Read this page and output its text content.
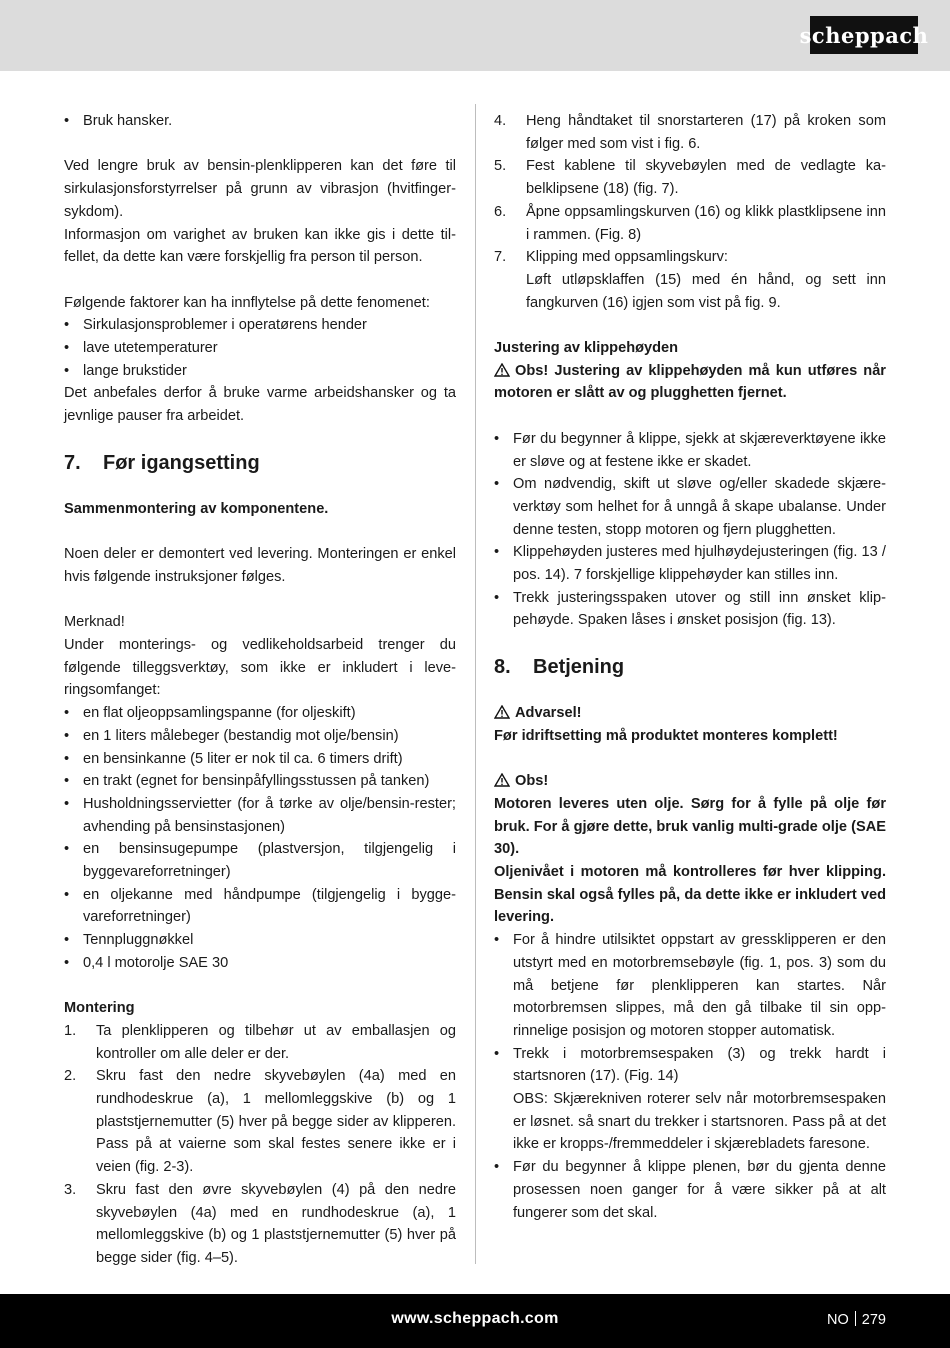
scheppach
• Bruk hansker.

Ved lengre bruk av bensin-plenklipperen kan det føre til sirkulasjonsforstyrrelser på grunn av vibrasjon (hvitfinger-sykdom).

Informasjon om varighet av bruken kan ikke gis i dette tilfellet, da dette kan være forskjellig fra person til person.

Følgende faktorer kan ha innflytelse på dette fenomenet:

• Sirkulasjonsproblemer i operatørens hender
• lave utetemperaturer
• lange brukstider

Det anbefales derfor å bruke varme arbeidshansker og ta jevnlige pauser fra arbeidet.

7. Før igangsetting

Sammenmontering av komponentene.

Noen deler er demontert ved levering. Monteringen er enkel hvis følgende instruksjoner følges.

Merknad!

Under monterings- og vedlikeholdsarbeid trenger du følgende tilleggsverktøy, som ikke er inkludert i leveringsomfanget:

• en flat oljeoppsamlingspanne (for oljeskift)
• en 1 liters målebeger (bestandig mot olje/bensin)
• en bensinkanne (5 liter er nok til ca. 6 timers drift)
• en trakt (egnet for bensinpåfyllingsstussen på tanken)
• Husholdningsservietter (for å tørke av olje/bensin-rester; avhending på bensinstasjonen)
• en bensinsugepumpe (plastversjon, tilgjengelig i byggevareforretninger)
• en oljekanne med håndpumpe (tilgjengelig i byggevareforretninger)
• Tennpluggnøkkel
• 0,4 l motorolje SAE 30

Montering

1. Ta plenklipperen og tilbehør ut av emballasjen og kontroller om alle deler er der.
2. Skru fast den nedre skyvebøylen (4a) med en rundhodeskrue (a), 1 mellomleggskive (b) og 1 plaststjernemutter (5) hver på begge sider av klipperen. Pass på at vaierne som skal festes senere ikke er i veien (fig. 2-3).
3. Skru fast den øvre skyvebøylen (4) på den nedre skyvebøylen (4a) med en rundhodeskrue (a), 1 mellomleggskive (b) og 1 plaststjernemutter (5) hver på begge sider (fig. 4–5).
4. Heng håndtaket til snorstarteren (17) på kroken som følger med som vist i fig. 6.
5. Fest kablene til skyvebøylen med de vedlagte kabelklipsene (18) (fig. 7).
6. Åpne oppsamlingskurven (16) og klikk plastklipsene inn i rammen. (Fig. 8)
7. Klipping med oppsamlingskurv:

Løft utløpsklaffen (15) med én hånd, og sett inn fangkurven (16) igjen som vist på fig. 9.

Justering av klippehøyden

Obs! Justering av klippehøyden må kun utføres når motoren er slått av og plugghetten fjernet.

• Før du begynner å klippe, sjekk at skjæreverktøyene ikke er sløve og at festene ikke er skadet.
• Om nødvendig, skift ut sløve og/eller skadede skjæreverktøy som helhet for å unngå å skape ubalanse. Under denne testen, stopp motoren og fjern plugghetten.
• Klippehøyden justeres med hjulhøydejusteringen (fig. 13 / pos. 14). 7 forskjellige klippehøyder kan stilles inn.
• Trekk justeringsspaken utover og still inn ønsket klippehøyde. Spaken låses i ønsket posisjon (fig. 13).
8. Betjening

Advarsel!

Før idriftsetting må produktet monteres komplett!

Obs!

Motoren leveres uten olje. Sørg for å fylle på olje før bruk. For å gjøre dette, bruk vanlig multi-grade olje (SAE 30).

Oljenivået i motoren må kontrolleres før hver klipping. Bensin skal også fylles på, da dette ikke er inkludert ved levering.

• For å hindre utilsiktet oppstart av gressklipperen er den utstyrt med en motorbremsebøyle (fig. 1, pos. 3) som du må betjene før plenklipperen kan startes. Når motorbremsen slippes, må den gå tilbake til sin opprinnelige posisjon og motoren stopper automatisk.
• Trekk i motorbremsespaken (3) og trekk hardt i startsnoren (17). (Fig. 14)
OBS: Skjærekniven roterer selv når motorbremsespaken er løsnet. så snart du trekker i startsnoren. Pass på at det ikke er kropps-/fremmeddeler i skjærebladets faresone.
• Før du begynner å klippe plenen, bør du gjenta denne prosessen noen ganger for å være sikker på at alt fungerer som det skal.
www.scheppach.com	NO 279
